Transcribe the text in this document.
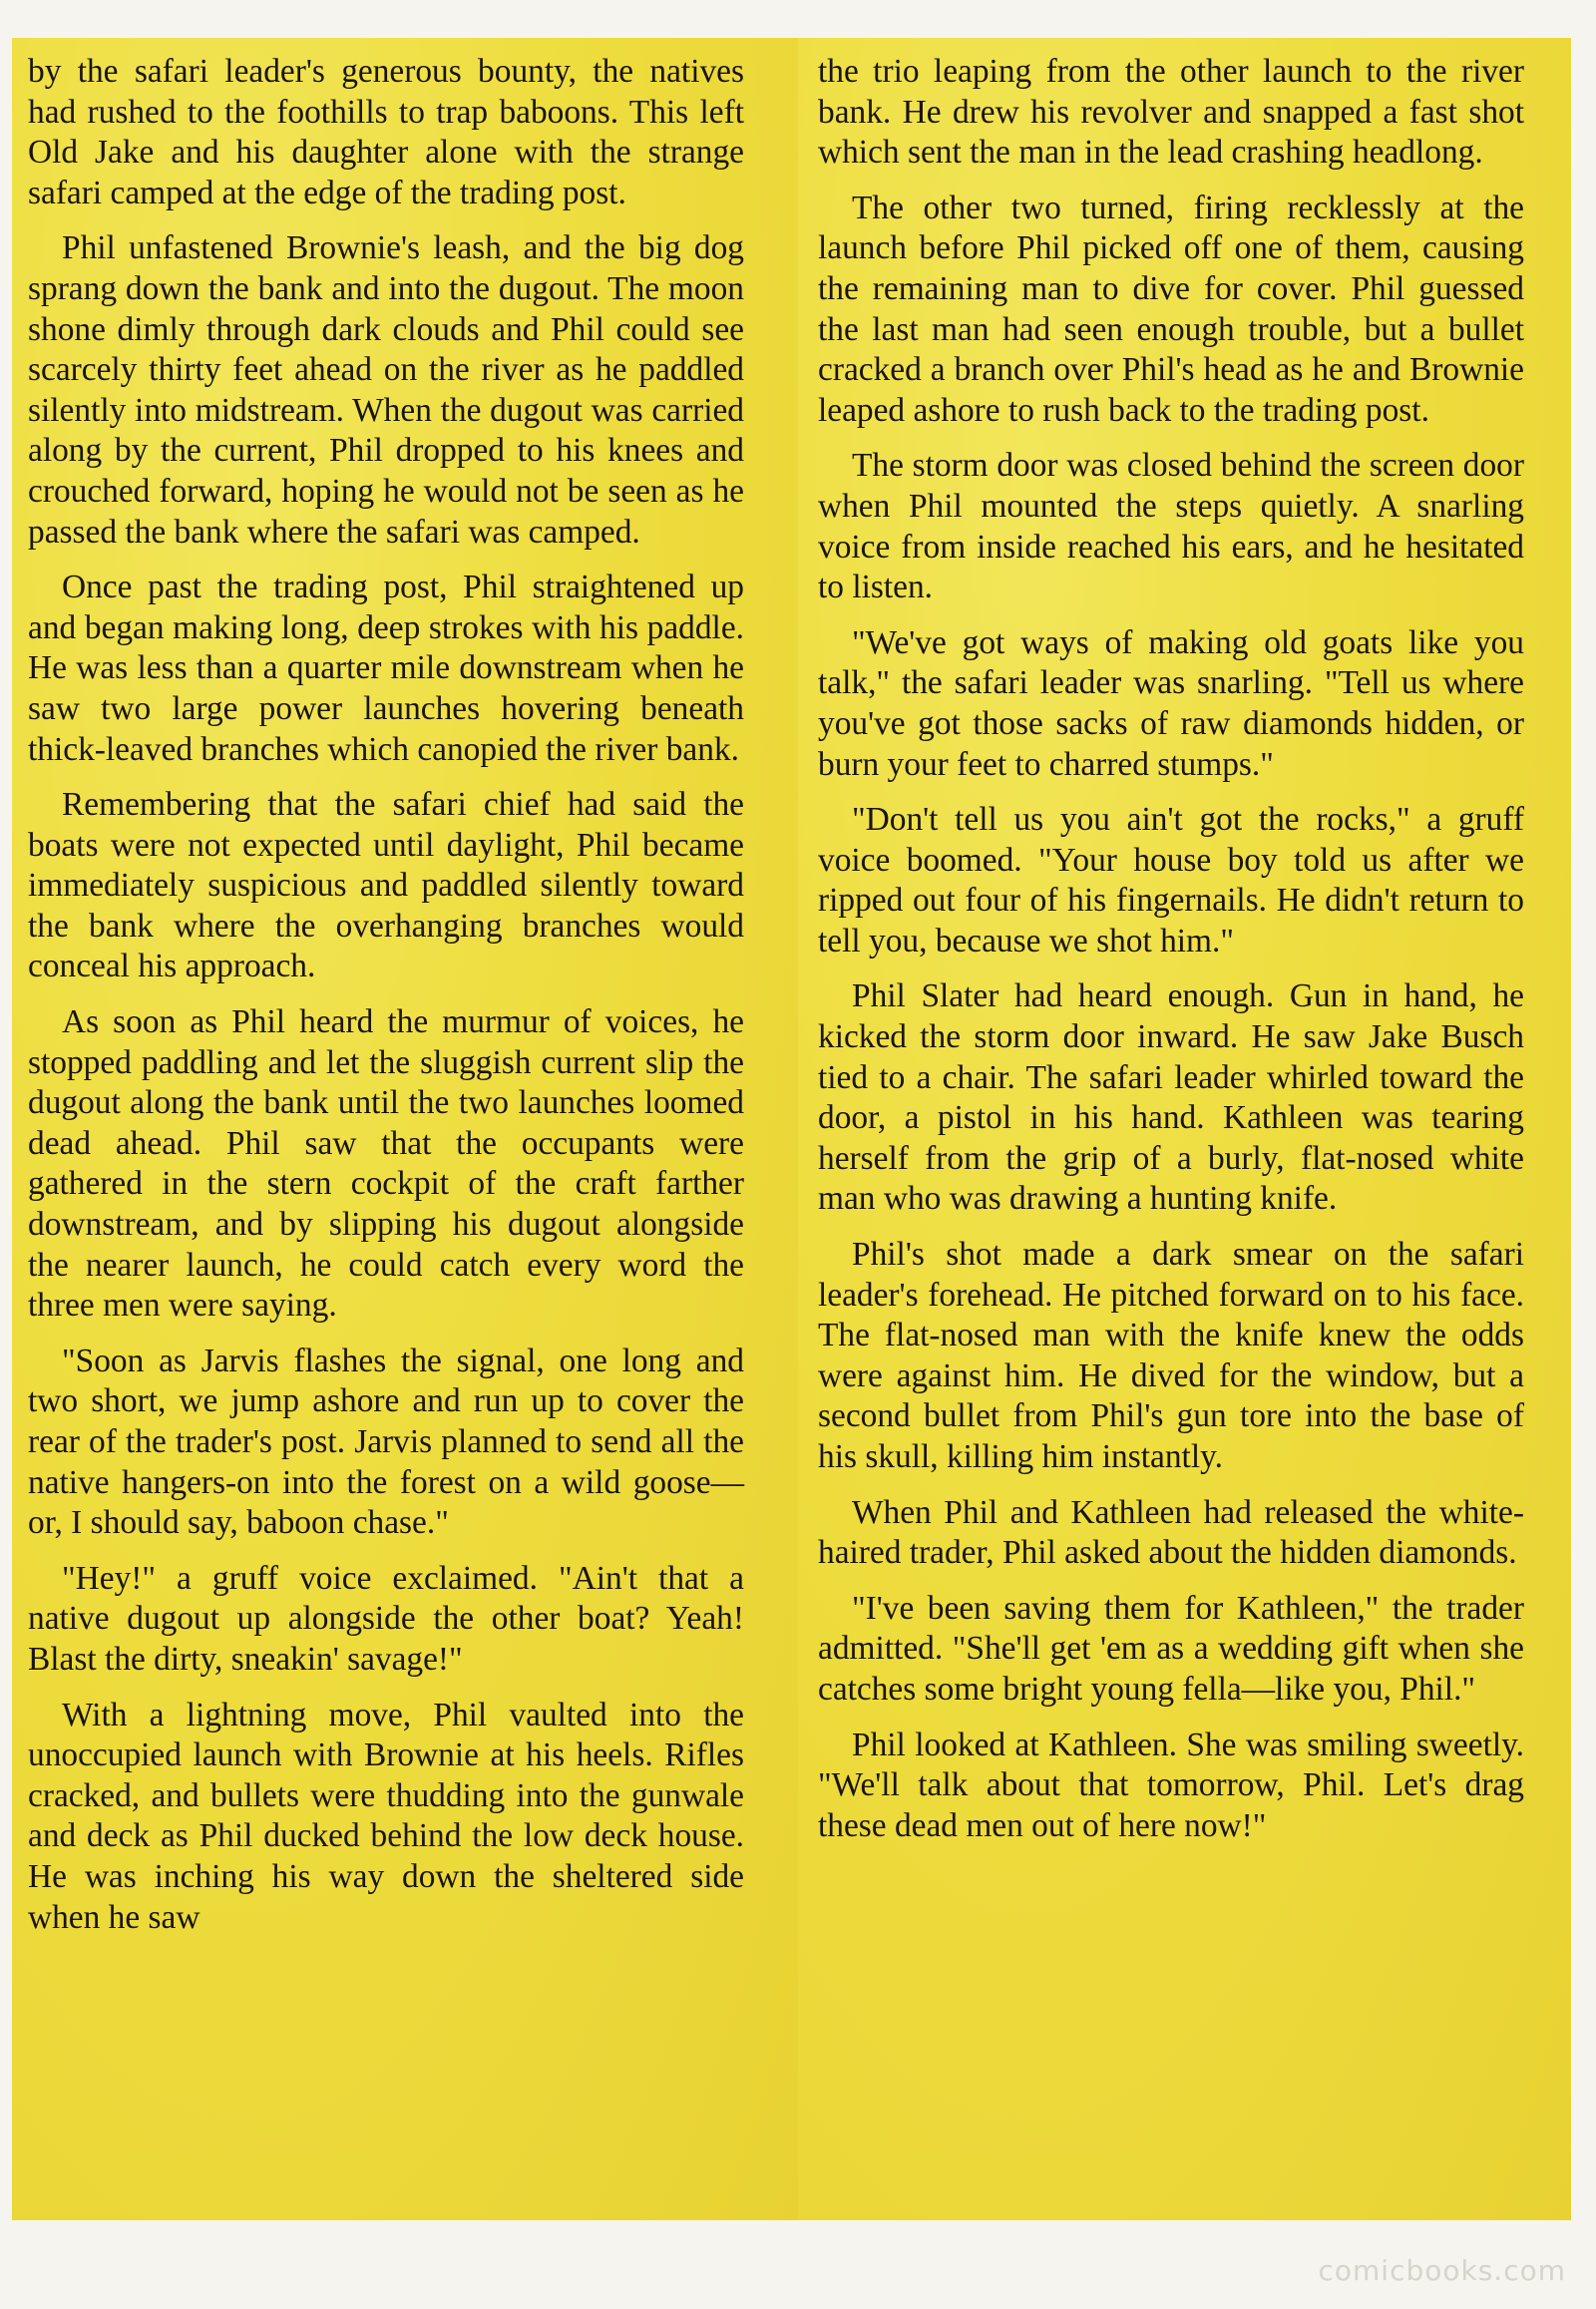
by the safari leader's generous bounty, the natives had rushed to the foothills to trap baboons. This left Old Jake and his daughter alone with the strange safari camped at the edge of the trading post.

Phil unfastened Brownie's leash, and the big dog sprang down the bank and into the dugout. The moon shone dimly through dark clouds and Phil could see scarcely thirty feet ahead on the river as he paddled silently into midstream. When the dugout was carried along by the current, Phil dropped to his knees and crouched forward, hoping he would not be seen as he passed the bank where the safari was camped.

Once past the trading post, Phil straightened up and began making long, deep strokes with his paddle. He was less than a quarter mile downstream when he saw two large power launches hovering beneath thick-leaved branches which canopied the river bank.

Remembering that the safari chief had said the boats were not expected until daylight, Phil became immediately suspicious and paddled silently toward the bank where the overhanging branches would conceal his approach.

As soon as Phil heard the murmur of voices, he stopped paddling and let the sluggish current slip the dugout along the bank until the two launches loomed dead ahead. Phil saw that the occupants were gathered in the stern cockpit of the craft farther downstream, and by slipping his dugout alongside the nearer launch, he could catch every word the three men were saying.

"Soon as Jarvis flashes the signal, one long and two short, we jump ashore and run up to cover the rear of the trader's post. Jarvis planned to send all the native hangers-on into the forest on a wild goose—or, I should say, baboon chase."

"Hey!" a gruff voice exclaimed. "Ain't that a native dugout up alongside the other boat? Yeah! Blast the dirty, sneakin' savage!"

With a lightning move, Phil vaulted into the unoccupied launch with Brownie at his heels. Rifles cracked, and bullets were thudding into the gunwale and deck as Phil ducked behind the low deck house. He was inching his way down the sheltered side when he saw

the trio leaping from the other launch to the river bank. He drew his revolver and snapped a fast shot which sent the man in the lead crashing headlong.

The other two turned, firing recklessly at the launch before Phil picked off one of them, causing the remaining man to dive for cover. Phil guessed the last man had seen enough trouble, but a bullet cracked a branch over Phil's head as he and Brownie leaped ashore to rush back to the trading post.

The storm door was closed behind the screen door when Phil mounted the steps quietly. A snarling voice from inside reached his ears, and he hesitated to listen.

"We've got ways of making old goats like you talk," the safari leader was snarling. "Tell us where you've got those sacks of raw diamonds hidden, or burn your feet to charred stumps."

"Don't tell us you ain't got the rocks," a gruff voice boomed. "Your house boy told us after we ripped out four of his fingernails. He didn't return to tell you, because we shot him."

Phil Slater had heard enough. Gun in hand, he kicked the storm door inward. He saw Jake Busch tied to a chair. The safari leader whirled toward the door, a pistol in his hand. Kathleen was tearing herself from the grip of a burly, flat-nosed white man who was drawing a hunting knife.

Phil's shot made a dark smear on the safari leader's forehead. He pitched forward on to his face. The flat-nosed man with the knife knew the odds were against him. He dived for the window, but a second bullet from Phil's gun tore into the base of his skull, killing him instantly.

When Phil and Kathleen had released the white-haired trader, Phil asked about the hidden diamonds.

"I've been saving them for Kathleen," the trader admitted. "She'll get 'em as a wedding gift when she catches some bright young fella—like you, Phil."

Phil looked at Kathleen. She was smiling sweetly. "We'll talk about that tomorrow, Phil. Let's drag these dead men out of here now!"

comicbooks.com
